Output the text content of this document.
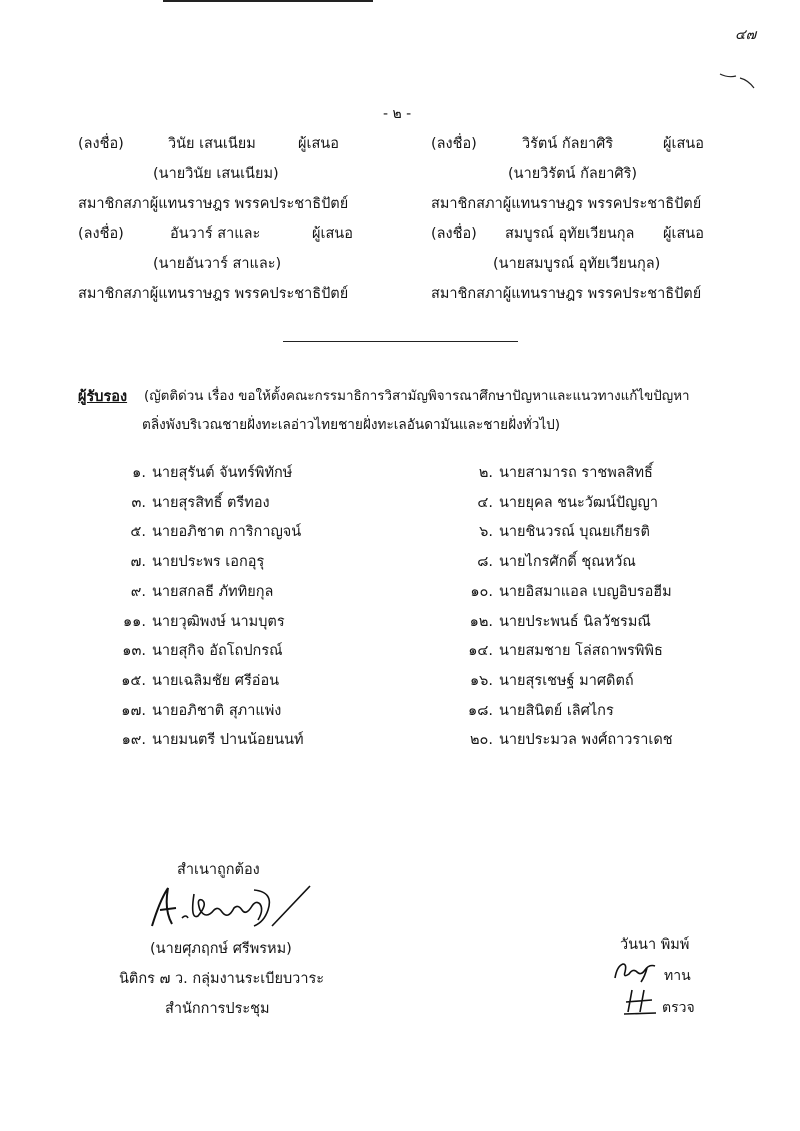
๔๗
- ๒ -
(ลงชื่อ)	วินัย เสนเนียม	ผู้เสนอ
(นายวินัย เสนเนียม)
สมาชิกสภาผู้แทนราษฎร พรรคประชาธิปัตย์
(ลงชื่อ)	วิรัตน์ กัลยาศิริ	ผู้เสนอ
(นายวิรัตน์ กัลยาศิริ)
สมาชิกสภาผู้แทนราษฎร พรรคประชาธิปัตย์
(ลงชื่อ)	อันวาร์ สาและ	ผู้เสนอ
(นายอันวาร์ สาและ)
สมาชิกสภาผู้แทนราษฎร พรรคประชาธิปัตย์
(ลงชื่อ) สมบูรณ์ อุทัยเวียนกุล ผู้เสนอ
(นายสมบูรณ์ อุทัยเวียนกุล)
สมาชิกสภาผู้แทนราษฎร พรรคประชาธิปัตย์
ผู้รับรอง (ญัตติด่วน เรื่อง ขอให้ตั้งคณะกรรมาธิการวิสามัญพิจารณาศึกษาปัญหาและแนวทางแก้ไขปัญหา
ตลิ่งพังบริเวณชายฝั่งทะเลอ่าวไทยชายฝั่งทะเลอันดามันและชายฝั่งทั่วไป)
๑. นายสุรันต์ จันทร์พิทักษ์	๒. นายสามารถ ราชพลสิทธิ์
๓. นายสุรสิทธิ์ ตรีทอง	๔. นายยุคล ชนะวัฒน์ปัญญา
๕. นายอภิชาต การิกาญจน์	๖. นายชินวรณ์ บุณยเกียรติ
๗. นายประพร เอกอุรุ	๘. นายไกรศักดิ์ ชุณหวัณ
๙. นายสกลธี ภัททิยกุล	๑๐. นายอิสมาแอล เบญอิบรอฮีม
๑๑. นายวุฒิพงษ์ นามบุตร	๑๒. นายประพนธ์ นิลวัชรมณี
๑๓. นายสุกิจ อัถโถปกรณ์	๑๔. นายสมชาย โล่สถาพรพิพิธ
๑๕. นายเฉลิมชัย ศรีอ่อน	๑๖. นายสุรเชษฐ์ มาศดิตถ์
๑๗. นายอภิชาติ สุภาแพ่ง	๑๘. นายสินิตย์ เลิศไกร
๑๙. นายมนตรี ปานน้อยนนท์	๒๐. นายประมวล พงศ์ถาวราเดช
สำเนาถูกต้อง
(นายศุภฤกษ์ ศรีพรหม)
นิติกร ๗ ว. กลุ่มงานระเบียบวาระ
สำนักการประชุม
วันนา พิมพ์
ทาน
ตรวจ
